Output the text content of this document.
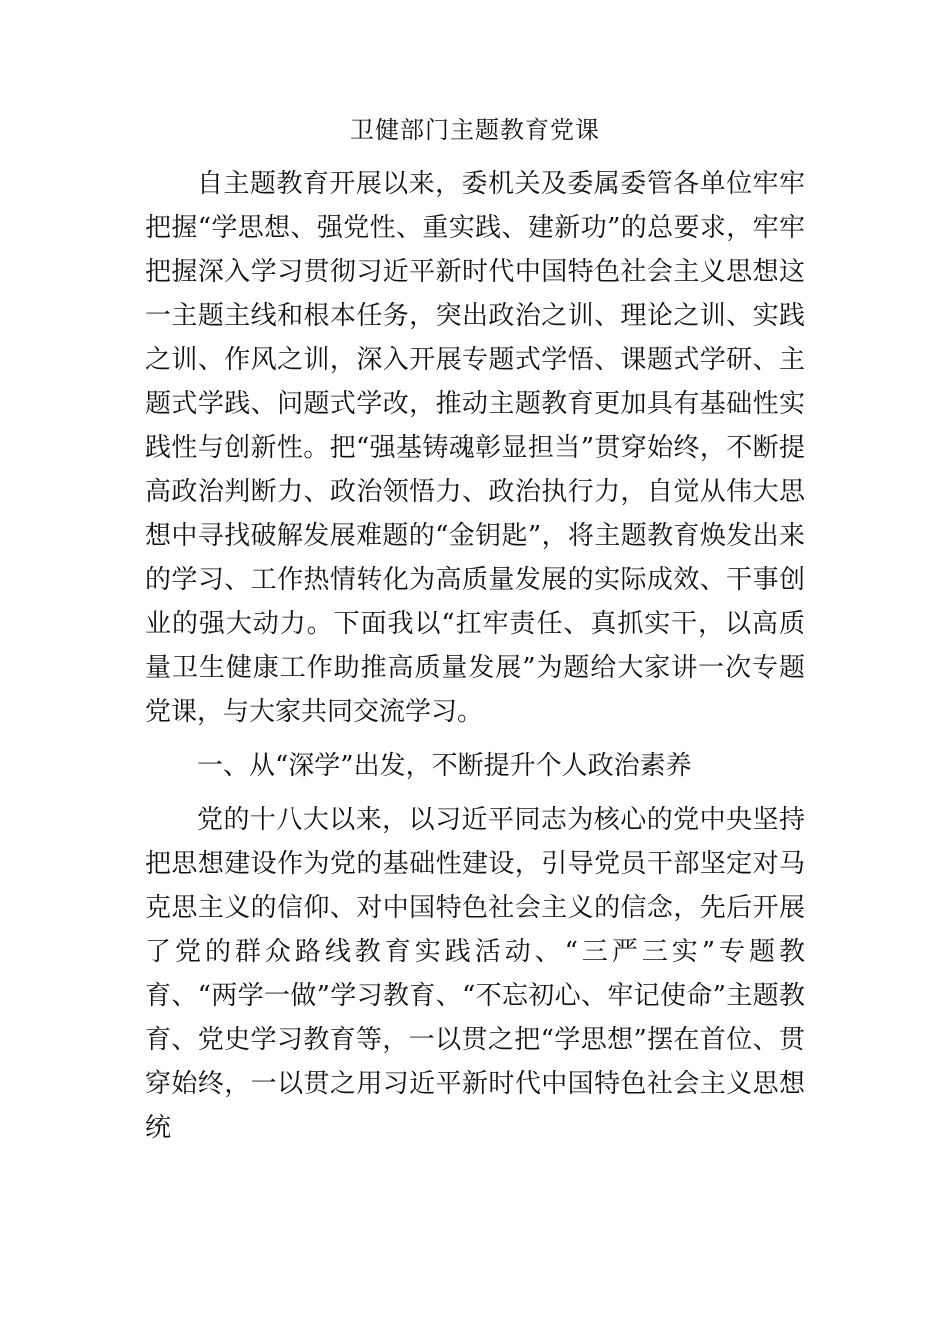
卫健部门主题教育党课

自主题教育开展以来，委机关及委属委管各单位牢牢把握“学思想、强党性、重实践、建新功”的总要求，牢牢把握深入学习贯彻习近平新时代中国特色社会主义思想这一主题主线和根本任务，突出政治之训、理论之训、实践之训、作风之训，深入开展专题式学悟、课题式学研、主题式学践、问题式学改，推动主题教育更加具有基础性实践性与创新性。把“强基铸魂彰显担当”贯穿始终，不断提高政治判断力、政治领悟力、政治执行力，自觉从伟大思想中寻找破解发展难题的“金钥匙”，将主题教育焕发出来的学习、工作热情转化为高质量发展的实际成效、干事创业的强大动力。下面我以“扛牢责任、真抓实干，以高质量卫生健康工作助推高质量发展”为题给大家讲一次专题党课，与大家共同交流学习。

一、从“深学”出发，不断提升个人政治素养

党的十八大以来，以习近平同志为核心的党中央坚持把思想建设作为党的基础性建设，引导党员干部坚定对马克思主义的信仰、对中国特色社会主义的信念，先后开展了党的群众路线教育实践活动、“三严三实”专题教育、“两学一做”学习教育、“不忘初心、牢记使命”主题教育、党史学习教育等，一以贯之把“学思想”摆在首位、贯穿始终，一以贯之用习近平新时代中国特色社会主义思想统
